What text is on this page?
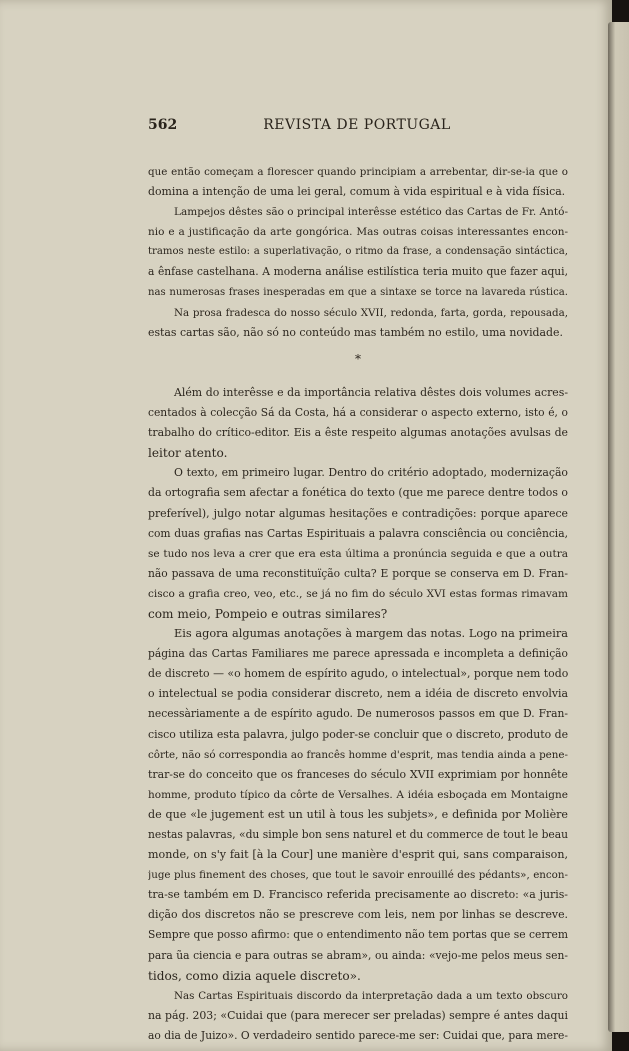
562	REVISTA DE PORTUGAL
que então começam a florescer quando principiam a arrebentar, dir-se-ia que o
domina a intenção de uma lei geral, comum à vida espiritual e à vida física.
Lampejos dêstes são o principal interêsse estético das Cartas de Fr. Antó-
nio e a justificação da arte gongórica. Mas outras coisas interessantes encon-
tramos neste estilo: a superlativação, o ritmo da frase, a condensação sintáctica,
a ênfase castelhana. A moderna análise estilística teria muito que fazer aqui,
nas numerosas frases inesperadas em que a sintaxe se torce na lavareda rústica.
Na prosa fradesca do nosso século XVII, redonda, farta, gorda, repousada,
estas cartas são, não só no conteúdo mas também no estilo, uma novidade.
*
Além do interêsse e da importância relativa dêstes dois volumes acres-
centados à colecção Sá da Costa, há a considerar o aspecto externo, isto é, o
trabalho do crítico-editor. Eis a êste respeito algumas anotações avulsas de
leitor atento.
O texto, em primeiro lugar. Dentro do critério adoptado, modernização
da ortografia sem afectar a fonética do texto (que me parece dentre todos o
preferível), julgo notar algumas hesitações e contradições: porque aparece
com duas grafias nas Cartas Espirituais a palavra consciência ou conciência,
se tudo nos leva a crer que era esta última a pronúncia seguida e que a outra
não passava de uma reconstituïção culta? E porque se conserva em D. Fran-
cisco a grafia creo, veo, etc., se já no fim do século XVI estas formas rimavam
com meio, Pompeio e outras similares?
Eis agora algumas anotações à margem das notas. Logo na primeira
página das Cartas Familiares me parece apressada e incompleta a definição
de discreto — «o homem de espírito agudo, o intelectual», porque nem todo
o intelectual se podia considerar discreto, nem a idéia de discreto envolvia
necessàriamente a de espírito agudo. De numerosos passos em que D. Fran-
cisco utiliza esta palavra, julgo poder-se concluir que o discreto, produto de
côrte, não só correspondia ao francês homme d'esprit, mas tendia ainda a pene-
trar-se do conceito que os franceses do século XVII exprimiam por honnête
homme, produto típico da côrte de Versalhes. A idéia esboçada em Montaigne
de que «le jugement est un util à tous les subjets», e definida por Molière
nestas palavras, «du simple bon sens naturel et du commerce de tout le beau
monde, on s'y fait [à la Cour] une manière d'esprit qui, sans comparaison,
juge plus finement des choses, que tout le savoir enrouillé des pédants», encon-
tra-se também em D. Francisco referida precisamente ao discreto: «a juris-
dição dos discretos não se prescreve com leis, nem por linhas se descreve.
Sempre que posso afirmo: que o entendimento não tem portas que se cerrem
para ũa ciencia e para outras se abram», ou ainda: «vejo-me pelos meus sen-
tidos, como dizia aquele discreto».
Nas Cartas Espirituais discordo da interpretação dada a um texto obscuro
na pág. 203; «Cuidai que (para merecer ser preladas) sempre é antes daqui
ao dia de Juizo». O verdadeiro sentido parece-me ser: Cuidai que, para mere-
